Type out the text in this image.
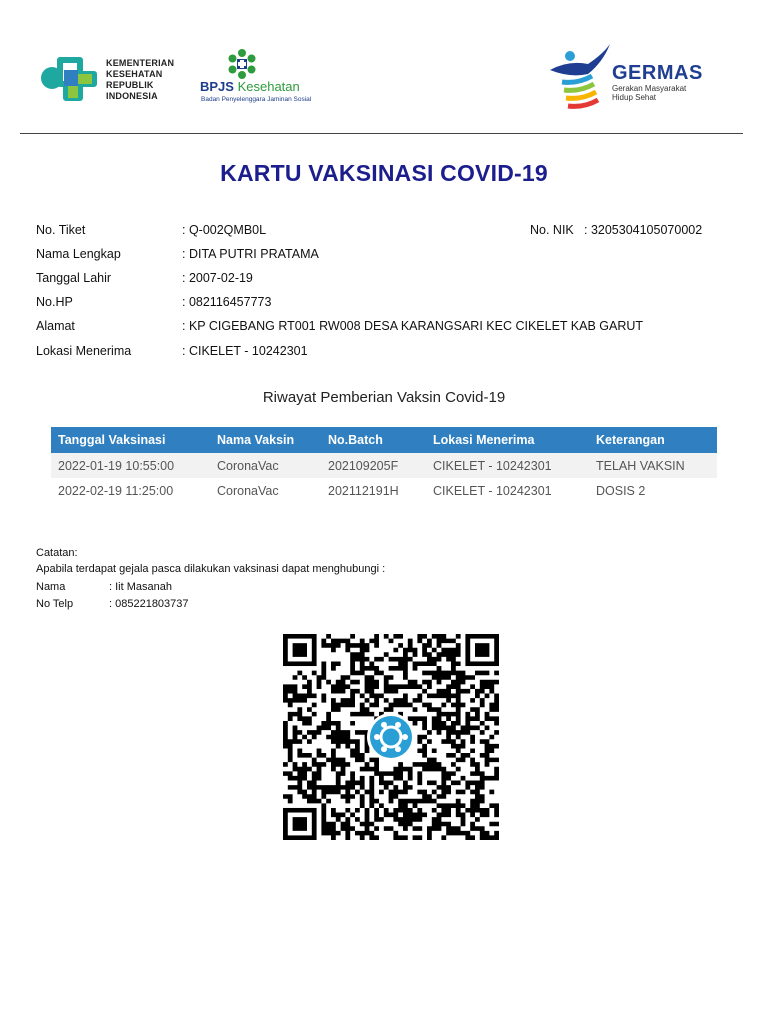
KEMENTERIAN
KESEHATAN
REPUBLIK
INDONESIA
BPJS Kesehatan
Badan Penyelenggara Jaminan Sosial
GERMAS
Gerakan Masyarakat
Hidup Sehat
KARTU VAKSINASI COVID-19
No. Tiket	: Q-002QMB0L
Nama Lengkap	: DITA PUTRI PRATAMA
Tanggal Lahir	: 2007-02-19
No.HP	: 082116457773
Alamat	: KP CIGEBANG RT001 RW008 DESA KARANGSARI KEC CIKELET KAB GARUT
Lokasi Menerima	: CIKELET - 10242301
No. NIK : 3205304105070002
Riwayat Pemberian Vaksin Covid-19
Tanggal Vaksinasi	Nama Vaksin	No.Batch	Lokasi Menerima	Keterangan
2022-01-19 10:55:00	CoronaVac	202109205F	CIKELET - 10242301	TELAH VAKSIN
2022-02-19 11:25:00	CoronaVac	202112191H	CIKELET - 10242301	DOSIS 2
Catatan:
Apabila terdapat gejala pasca dilakukan vaksinasi dapat menghubungi :
Nama	: Iit Masanah
No Telp	: 085221803737
